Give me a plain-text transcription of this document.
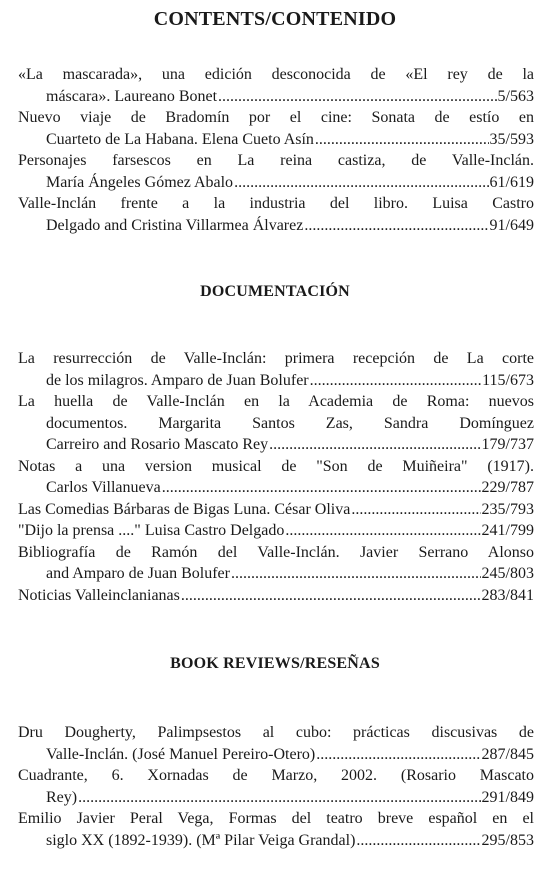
CONTENTS/CONTENIDO
«La mascarada», una edición desconocida de «El rey de la
máscara». Laureano Bonet .....	5/563
Nuevo viaje de Bradomín por el cine: Sonata de estío en
Cuarteto de La Habana. Elena Cueto Asín .....	35/593
Personajes farsescos en La reina castiza, de Valle-Inclán.
María Ángeles Gómez Abalo .....	61/619
Valle-Inclán frente a la industria del libro. Luisa Castro
Delgado and Cristina Villarmea Álvarez .....	91/649
DOCUMENTACIÓN
La resurrección de Valle-Inclán: primera recepción de La corte
de los milagros. Amparo de Juan Bolufer .....	115/673
La huella de Valle-Inclán en la Academia de Roma: nuevos
documentos. Margarita Santos Zas, Sandra Domínguez
Carreiro and Rosario Mascato Rey .....	179/737
Notas a una version musical de "Son de Muiñeira" (1917).
Carlos Villanueva .....	229/787
Las Comedias Bárbaras de Bigas Luna. César Oliva .....	235/793
"Dijo la prensa ...." Luisa Castro Delgado .....	241/799
Bibliografía de Ramón del Valle-Inclán. Javier Serrano Alonso
and Amparo de Juan Bolufer .....	245/803
Noticias Valleinclanianas .....	283/841
BOOK REVIEWS/RESEÑAS
Dru Dougherty, Palimpsestos al cubo: prácticas discusivas de
Valle-Inclán. (José Manuel Pereiro-Otero) .....	287/845
Cuadrante, 6. Xornadas de Marzo, 2002. (Rosario Mascato
Rey) .....	291/849
Emilio Javier Peral Vega, Formas del teatro breve español en el
siglo XX (1892-1939). (Mª Pilar Veiga Grandal) .....	295/853
